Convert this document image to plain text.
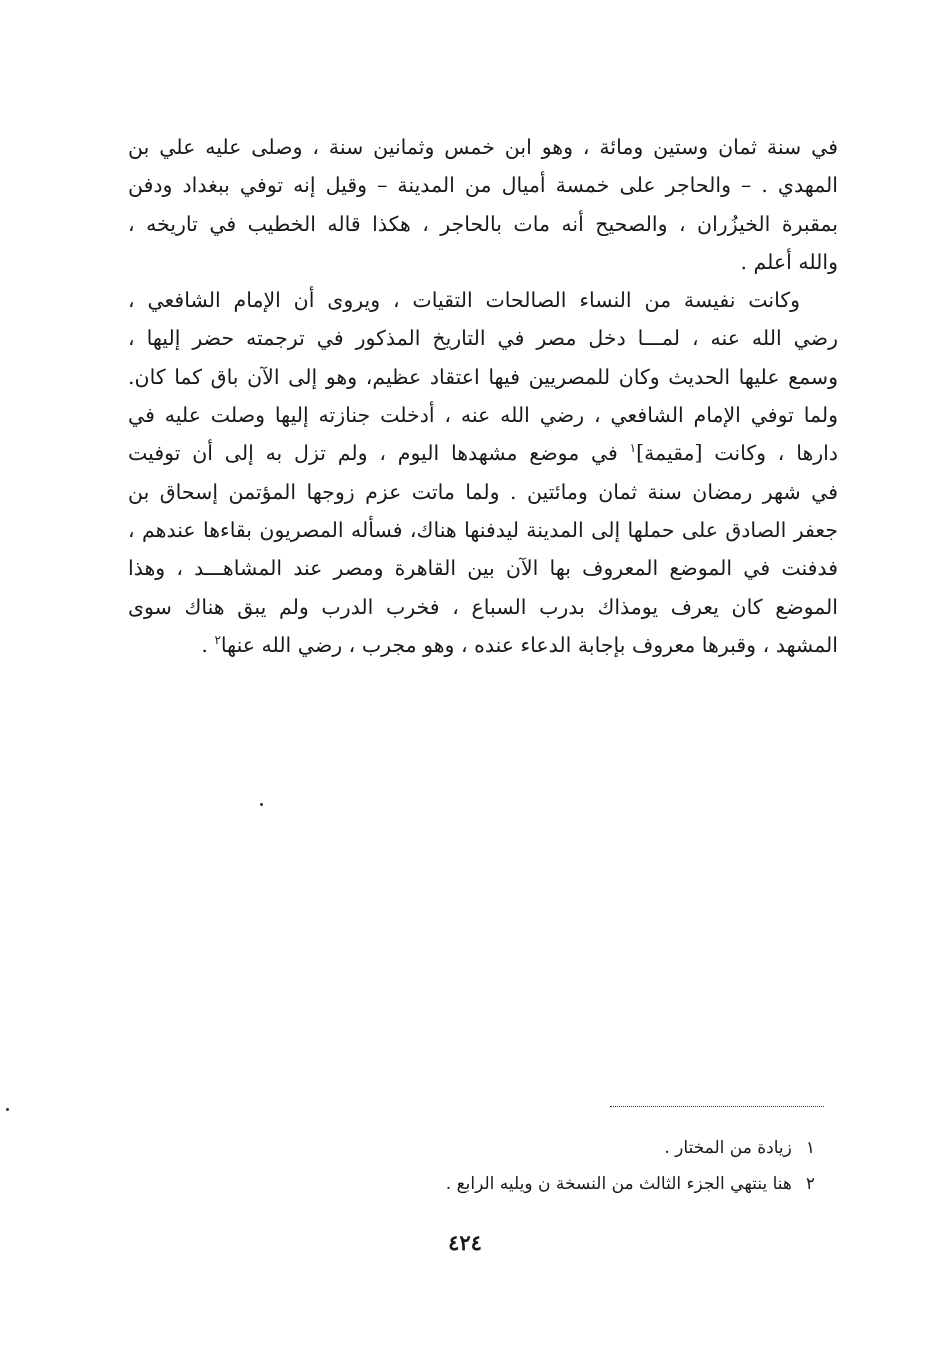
في سنة ثمان وستين ومائة ، وهو ابن خمس وثمانين سنة ، وصلى عليه علي بن
المهدي . – والحاجر على خمسة أميال من المدينة – وقيل إنه توفي ببغداد ودفن
بمقبرة الخيزُران ، والصحيح أنه مات بالحاجر ، هكذا قاله الخطيب في تاريخه ،
والله أعلم .
وكانت نفيسة من النساء الصالحات التقيات ، ويروى أن الإمام الشافعي ،
رضي الله عنه ، لمـــا دخل مصر في التاريخ المذكور في ترجمته حضر إليها ،
وسمع عليها الحديث وكان للمصريين فيها اعتقاد عظيم، وهو إلى الآن باق كما كان.
ولما توفي الإمام الشافعي ، رضي الله عنه ، أدخلت جنازته إليها وصلت عليه في
دارها ، وكانت [مقيمة]$^١$ في موضع مشهدها اليوم ، ولم تزل به إلى أن توفيت
في شهر رمضان سنة ثمان ومائتين . ولما ماتت عزم زوجها المؤتمن إسحاق بن
جعفر الصادق على حملها إلى المدينة ليدفنها هناك، فسأله المصريون بقاءها عندهم ،
فدفنت في الموضع المعروف بها الآن بين القاهرة ومصر عند المشاهـــد ، وهذا
الموضع كان يعرف يومذاك بدرب السباع ، فخرب الدرب ولم يبق هناك سوى
المشهد ، وقبرها معروف بإجابة الدعاء عنده ، وهو مجرب ، رضي الله عنها$^٢$ .
١زيادة من المختار .
٢هنا ينتهي الجزء الثالث من النسخة ن ويليه الرابع .
٤٢٤
